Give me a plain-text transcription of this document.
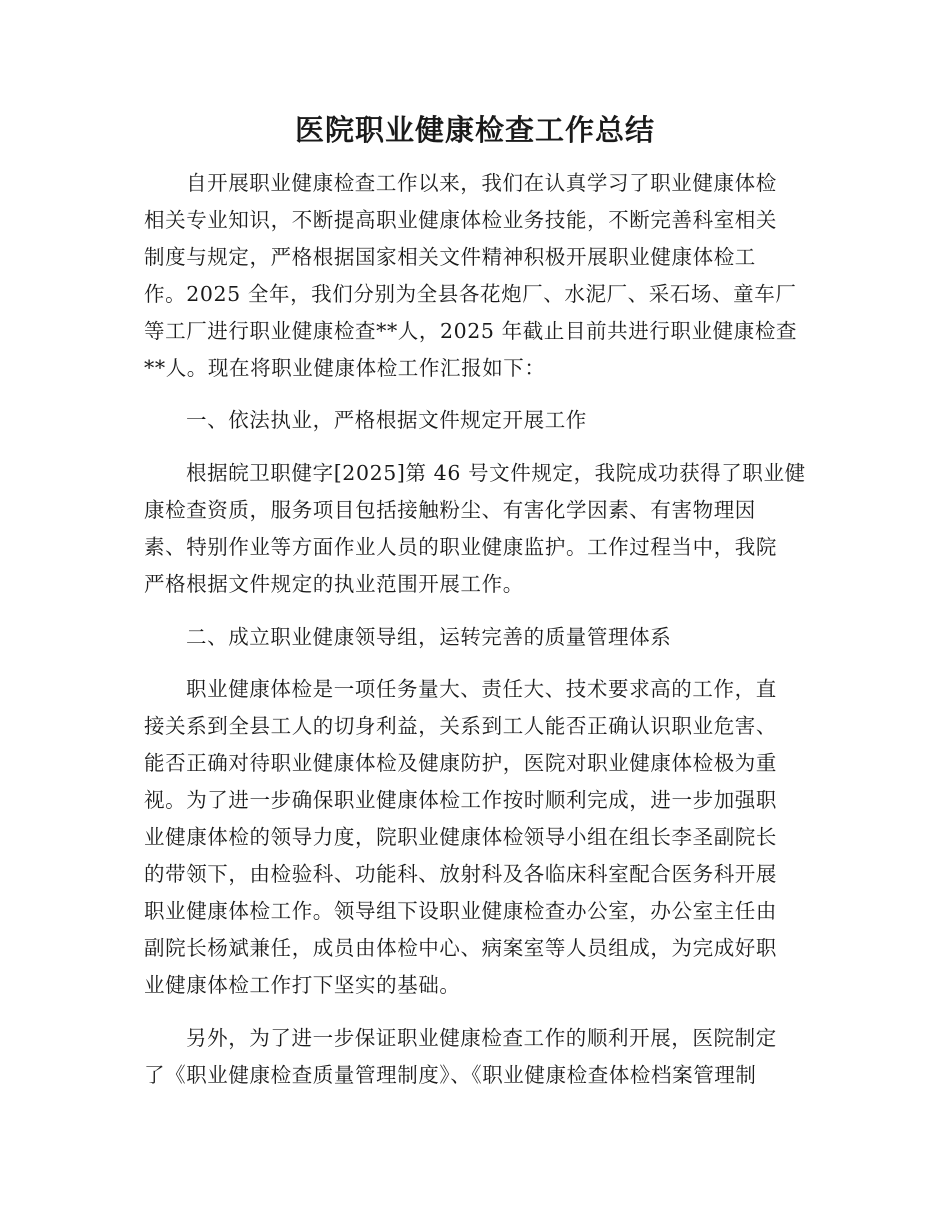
医院职业健康检查工作总结
自开展职业健康检查工作以来，我们在认真学习了职业健康体检
相关专业知识，不断提高职业健康体检业务技能，不断完善科室相关
制度与规定，严格根据国家相关文件精神积极开展职业健康体检工
作。2025 全年，我们分别为全县各花炮厂、水泥厂、采石场、童车厂
等工厂进行职业健康检查**人，2025 年截止目前共进行职业健康检查
**人。现在将职业健康体检工作汇报如下：
一、依法执业，严格根据文件规定开展工作
根据皖卫职健字[2025]第 46 号文件规定，我院成功获得了职业健
康检查资质，服务项目包括接触粉尘、有害化学因素、有害物理因
素、特别作业等方面作业人员的职业健康监护。工作过程当中，我院
严格根据文件规定的执业范围开展工作。
二、成立职业健康领导组，运转完善的质量管理体系
职业健康体检是一项任务量大、责任大、技术要求高的工作，直
接关系到全县工人的切身利益，关系到工人能否正确认识职业危害、
能否正确对待职业健康体检及健康防护，医院对职业健康体检极为重
视。为了进一步确保职业健康体检工作按时顺利完成，进一步加强职
业健康体检的领导力度，院职业健康体检领导小组在组长李圣副院长
的带领下，由检验科、功能科、放射科及各临床科室配合医务科开展
职业健康体检工作。领导组下设职业健康检查办公室，办公室主任由
副院长杨斌兼任，成员由体检中心、病案室等人员组成，为完成好职
业健康体检工作打下坚实的基础。
另外，为了进一步保证职业健康检查工作的顺利开展，医院制定
了《职业健康检查质量管理制度》、《职业健康检查体检档案管理制
